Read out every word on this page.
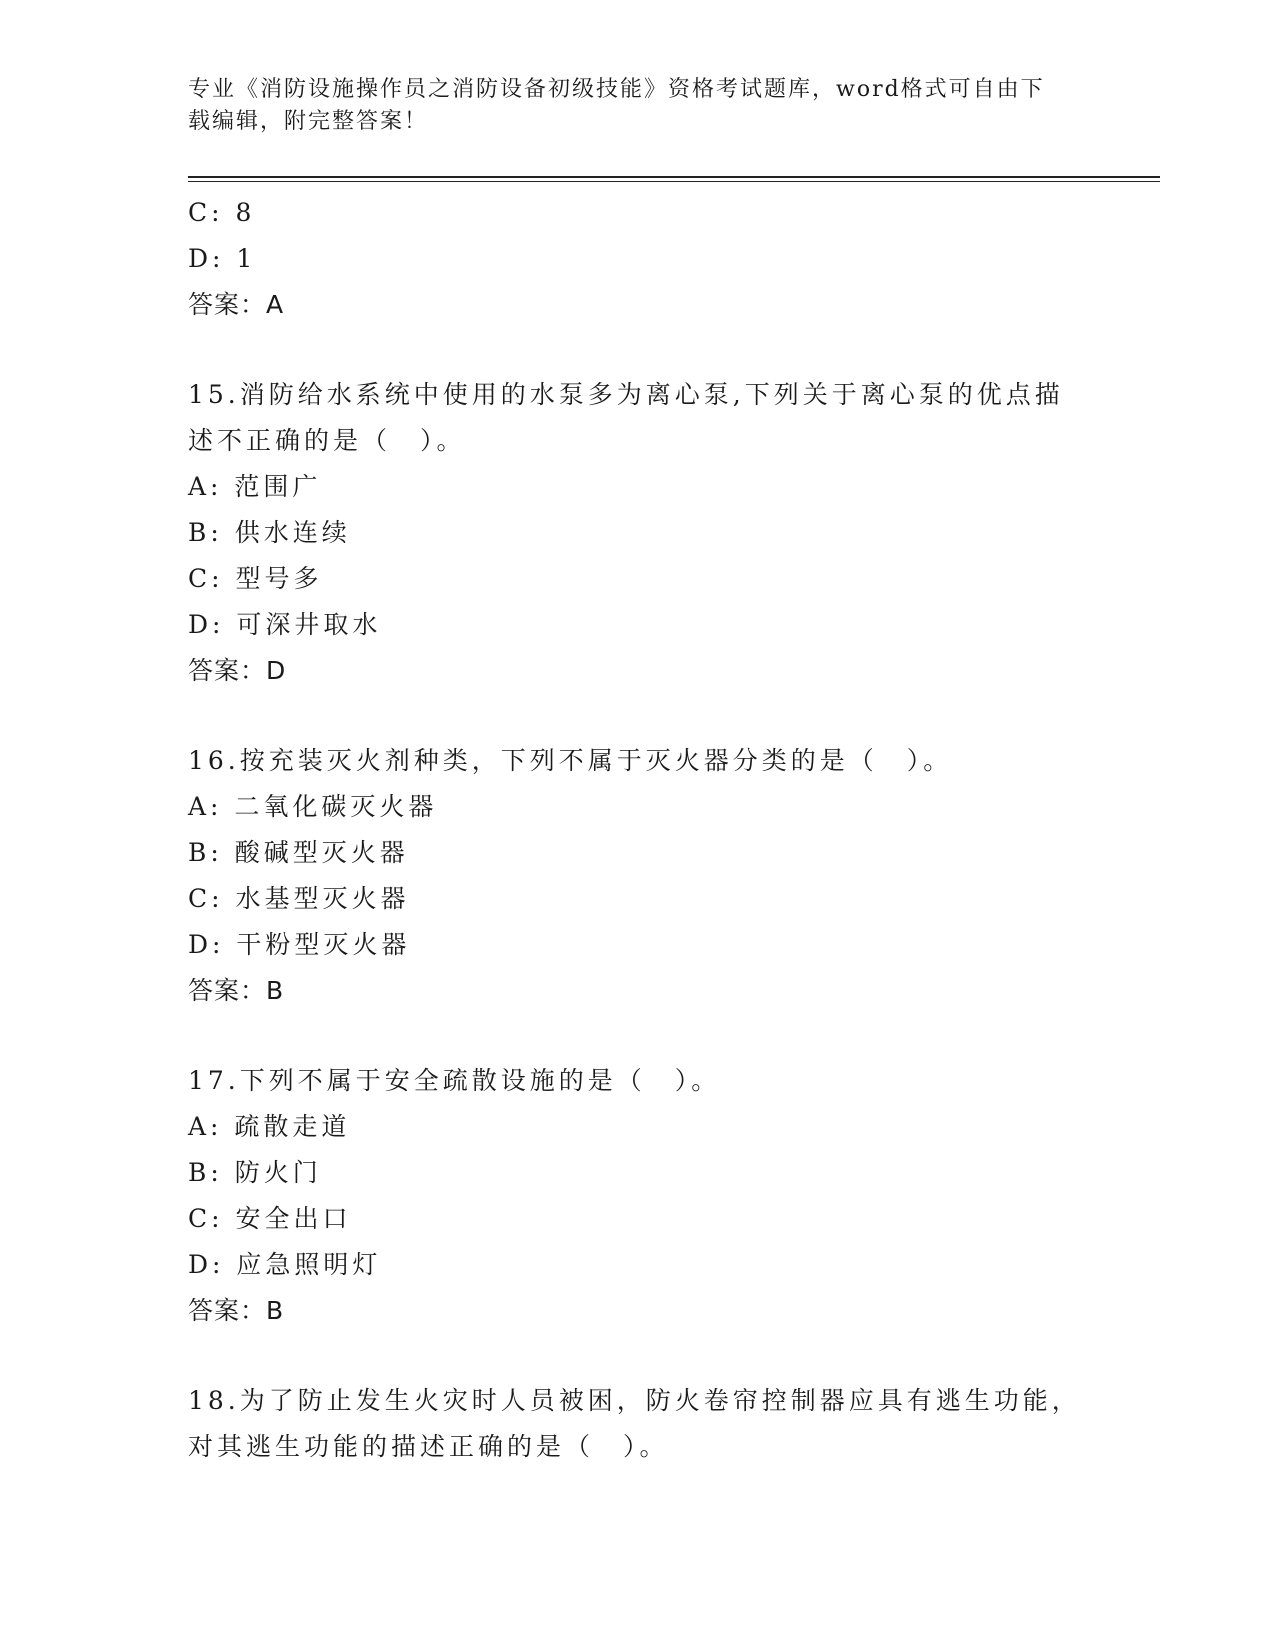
专业《消防设施操作员之消防设备初级技能》资格考试题库，word格式可自由下
载编辑，附完整答案！
C: 8
D: 1
答案：A
15.消防给水系统中使用的水泵多为离心泵,下列关于离心泵的优点描
述不正确的是（　）。
A: 范围广
B: 供水连续
C: 型号多
D: 可深井取水
答案：D
16.按充装灭火剂种类，下列不属于灭火器分类的是（　）。
A: 二氧化碳灭火器
B: 酸碱型灭火器
C: 水基型灭火器
D: 干粉型灭火器
答案：B
17.下列不属于安全疏散设施的是（　）。
A: 疏散走道
B: 防火门
C: 安全出口
D: 应急照明灯
答案：B
18.为了防止发生火灾时人员被困，防火卷帘控制器应具有逃生功能，
对其逃生功能的描述正确的是（　）。
